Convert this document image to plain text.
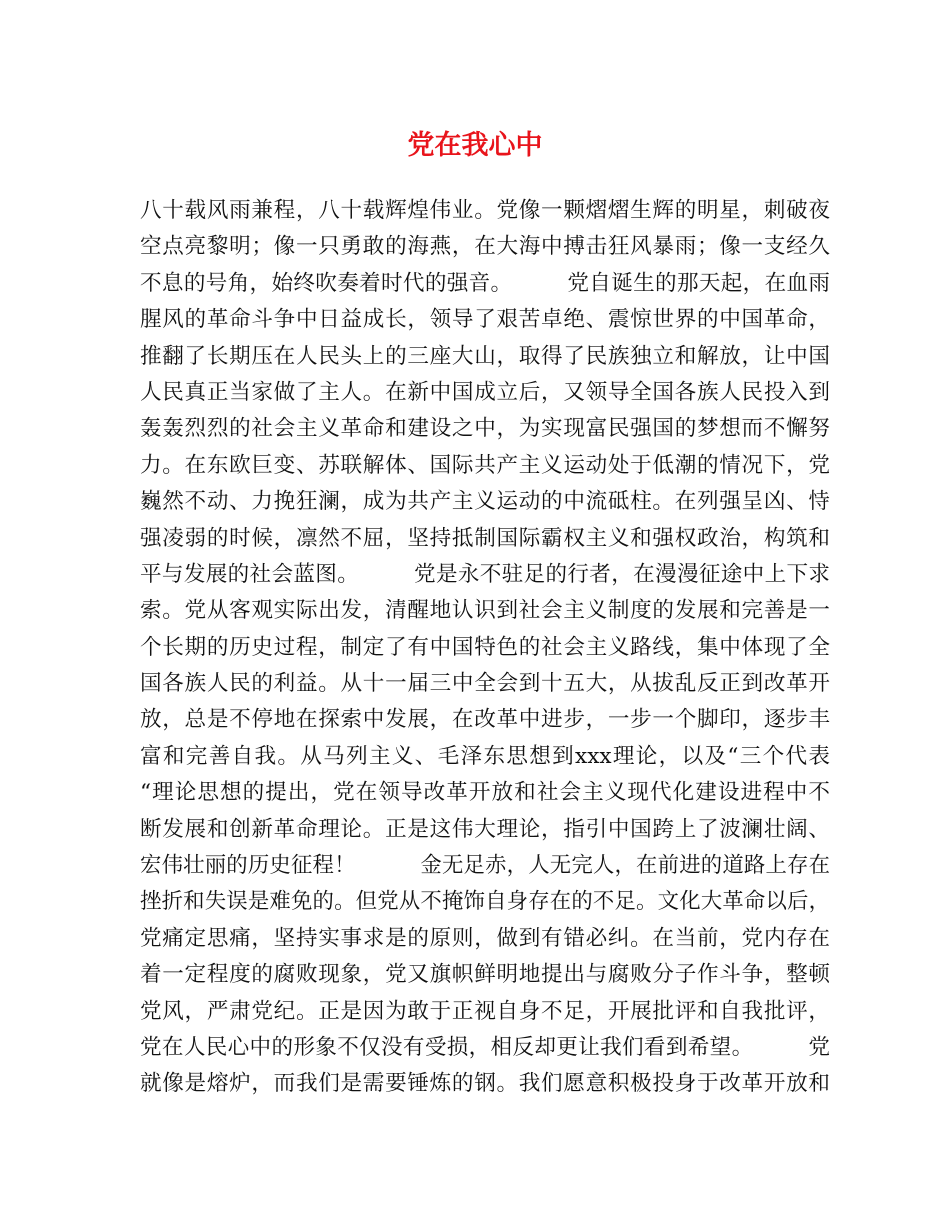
党在我心中
八十载风雨兼程，八十载辉煌伟业。党像一颗熠熠生辉的明星，刺破夜
空点亮黎明；像一只勇敢的海燕，在大海中搏击狂风暴雨；像一支经久
不息的号角，始终吹奏着时代的强音。　　　党自诞生的那天起，在血雨
腥风的革命斗争中日益成长，领导了艰苦卓绝、震惊世界的中国革命，
推翻了长期压在人民头上的三座大山，取得了民族独立和解放，让中国
人民真正当家做了主人。在新中国成立后，又领导全国各族人民投入到
轰轰烈烈的社会主义革命和建设之中，为实现富民强国的梦想而不懈努
力。在东欧巨变、苏联解体、国际共产主义运动处于低潮的情况下，党
巍然不动、力挽狂澜，成为共产主义运动的中流砥柱。在列强呈凶、恃
强凌弱的时候，凛然不屈，坚持抵制国际霸权主义和强权政治，构筑和
平与发展的社会蓝图。　　　党是永不驻足的行者，在漫漫征途中上下求
索。党从客观实际出发，清醒地认识到社会主义制度的发展和完善是一
个长期的历史过程，制定了有中国特色的社会主义路线，集中体现了全
国各族人民的利益。从十一届三中全会到十五大，从拔乱反正到改革开
放，总是不停地在探索中发展，在改革中进步，一步一个脚印，逐步丰
富和完善自我。从马列主义、毛泽东思想到xxx理论，以及“三个代表
“理论思想的提出，党在领导改革开放和社会主义现代化建设进程中不
断发展和创新革命理论。正是这伟大理论，指引中国跨上了波澜壮阔、
宏伟壮丽的历史征程！　　　金无足赤，人无完人，在前进的道路上存在
挫折和失误是难免的。但党从不掩饰自身存在的不足。文化大革命以后，
党痛定思痛，坚持实事求是的原则，做到有错必纠。在当前，党内存在
着一定程度的腐败现象，党又旗帜鲜明地提出与腐败分子作斗争，整顿
党风，严肃党纪。正是因为敢于正视自身不足，开展批评和自我批评，
党在人民心中的形象不仅没有受损，相反却更让我们看到希望。　　　党
就像是熔炉，而我们是需要锤炼的钢。我们愿意积极投身于改革开放和
